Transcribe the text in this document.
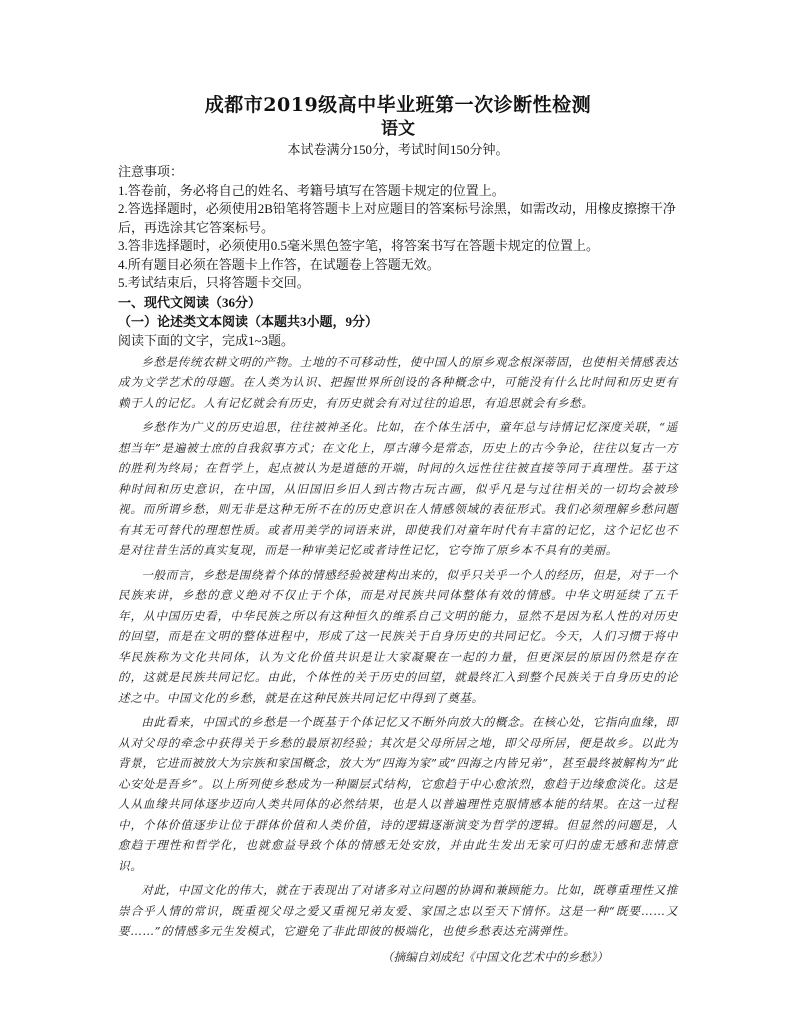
成都市2019级高中毕业班第一次诊断性检测
语文
本试卷满分150分，考试时间150分钟。
注意事项：
1.答卷前，务必将自己的姓名、考籍号填写在答题卡规定的位置上。
2.答选择题时，必须使用2B铅笔将答题卡上对应题目的答案标号涂黑，如需改动，用橡皮擦擦干净后，再选涂其它答案标号。
3.答非选择题时，必须使用0.5毫米黑色签字笔，将答案书写在答题卡规定的位置上。
4.所有题目必须在答题卡上作答，在试题卷上答题无效。
5.考试结束后，只将答题卡交回。
一、现代文阅读（36分）
（一）论述类文本阅读（本题共3小题，9分）
阅读下面的文字，完成1~3题。

乡愁是传统农耕文明的产物。土地的不可移动性，使中国人的原乡观念根深蒂固，也使相关情感表达成为文学艺术的母题。在人类为认识、把握世界所创设的各种概念中，可能没有什么比时间和历史更有赖于人的记忆。人有记忆就会有历史，有历史就会有对过往的追思，有追思就会有乡愁。

乡愁作为广义的历史追思，往往被神圣化。比如，在个体生活中，童年总与诗情记忆深度关联，“遥想当年”是遍被士庶的自我叙事方式；在文化上，厚古薄今是常态，历史上的古今争论，往往以复古一方的胜利为终局；在哲学上，起点被认为是道德的开端，时间的久远性往往被直接等同于真理性。基于这种时间和历史意识，在中国，从旧国旧乡旧人到古物古玩古画，似乎凡是与过往相关的一切均会被珍视。而所谓乡愁，则无非是这种无所不在的历史意识在人情感领域的表征形式。我们必须理解乡愁问题有其无可替代的理想性质。或者用美学的词语来讲，即使我们对童年时代有丰富的记忆，这个记忆也不是对往昔生活的真实复现，而是一种审美记忆或者诗性记忆，它夸饰了原乡本不具有的美丽。

一般而言，乡愁是围绕着个体的情感经验被建构出来的，似乎只关乎一个人的经历，但是，对于一个民族来讲，乡愁的意义绝对不仅止于个体，而是对民族共同体整体有效的情感。中华文明延续了五千年，从中国历史看，中华民族之所以有这种恒久的维系自己文明的能力，显然不是因为私人性的对历史的回望，而是在文明的整体进程中，形成了这一民族关于自身历史的共同记忆。今天，人们习惯于将中华民族称为文化共同体，认为文化价值共识是让大家凝聚在一起的力量，但更深层的原因仍然是存在的，这就是民族共同记忆。由此，个体性的关于历史的回望，就最终汇入到整个民族关于自身历史的论述之中。中国文化的乡愁，就是在这种民族共同记忆中得到了奠基。

由此看来，中国式的乡愁是一个既基于个体记忆又不断外向放大的概念。在核心处，它指向血缘，即从对父母的牵念中获得关于乡愁的最原初经验；其次是父母所居之地，即父母所居，便是故乡。以此为背景，它进而被放大为宗族和家国概念，放大为“四海为家”或“四海之内皆兄弟”，甚至最终被解构为“此心安处是吾乡”。以上所列使乡愁成为一种圈层式结构，它愈趋于中心愈浓烈，愈趋于边缘愈淡化。这是人从血缘共同体逐步迈向人类共同体的必然结果，也是人以普遍理性克服情感本能的结果。在这一过程中，个体价值逐步让位于群体价值和人类价值，诗的逻辑逐渐演变为哲学的逻辑。但显然的问题是，人愈趋于理性和哲学化，也就愈益导致个体的情感无处安放，并由此生发出无家可归的虚无感和悲情意识。

对此，中国文化的伟大，就在于表现出了对诸多对立问题的协调和兼顾能力。比如，既尊重理性又推崇合乎人情的常识，既重视父母之爱又重视兄弟友爱、家国之忠以至天下情怀。这是一种“既要……又要……”的情感多元生发模式，它避免了非此即彼的极端化，也使乡愁表达充满弹性。

（摘编自刘成纪《中国文化艺术中的乡愁》）
